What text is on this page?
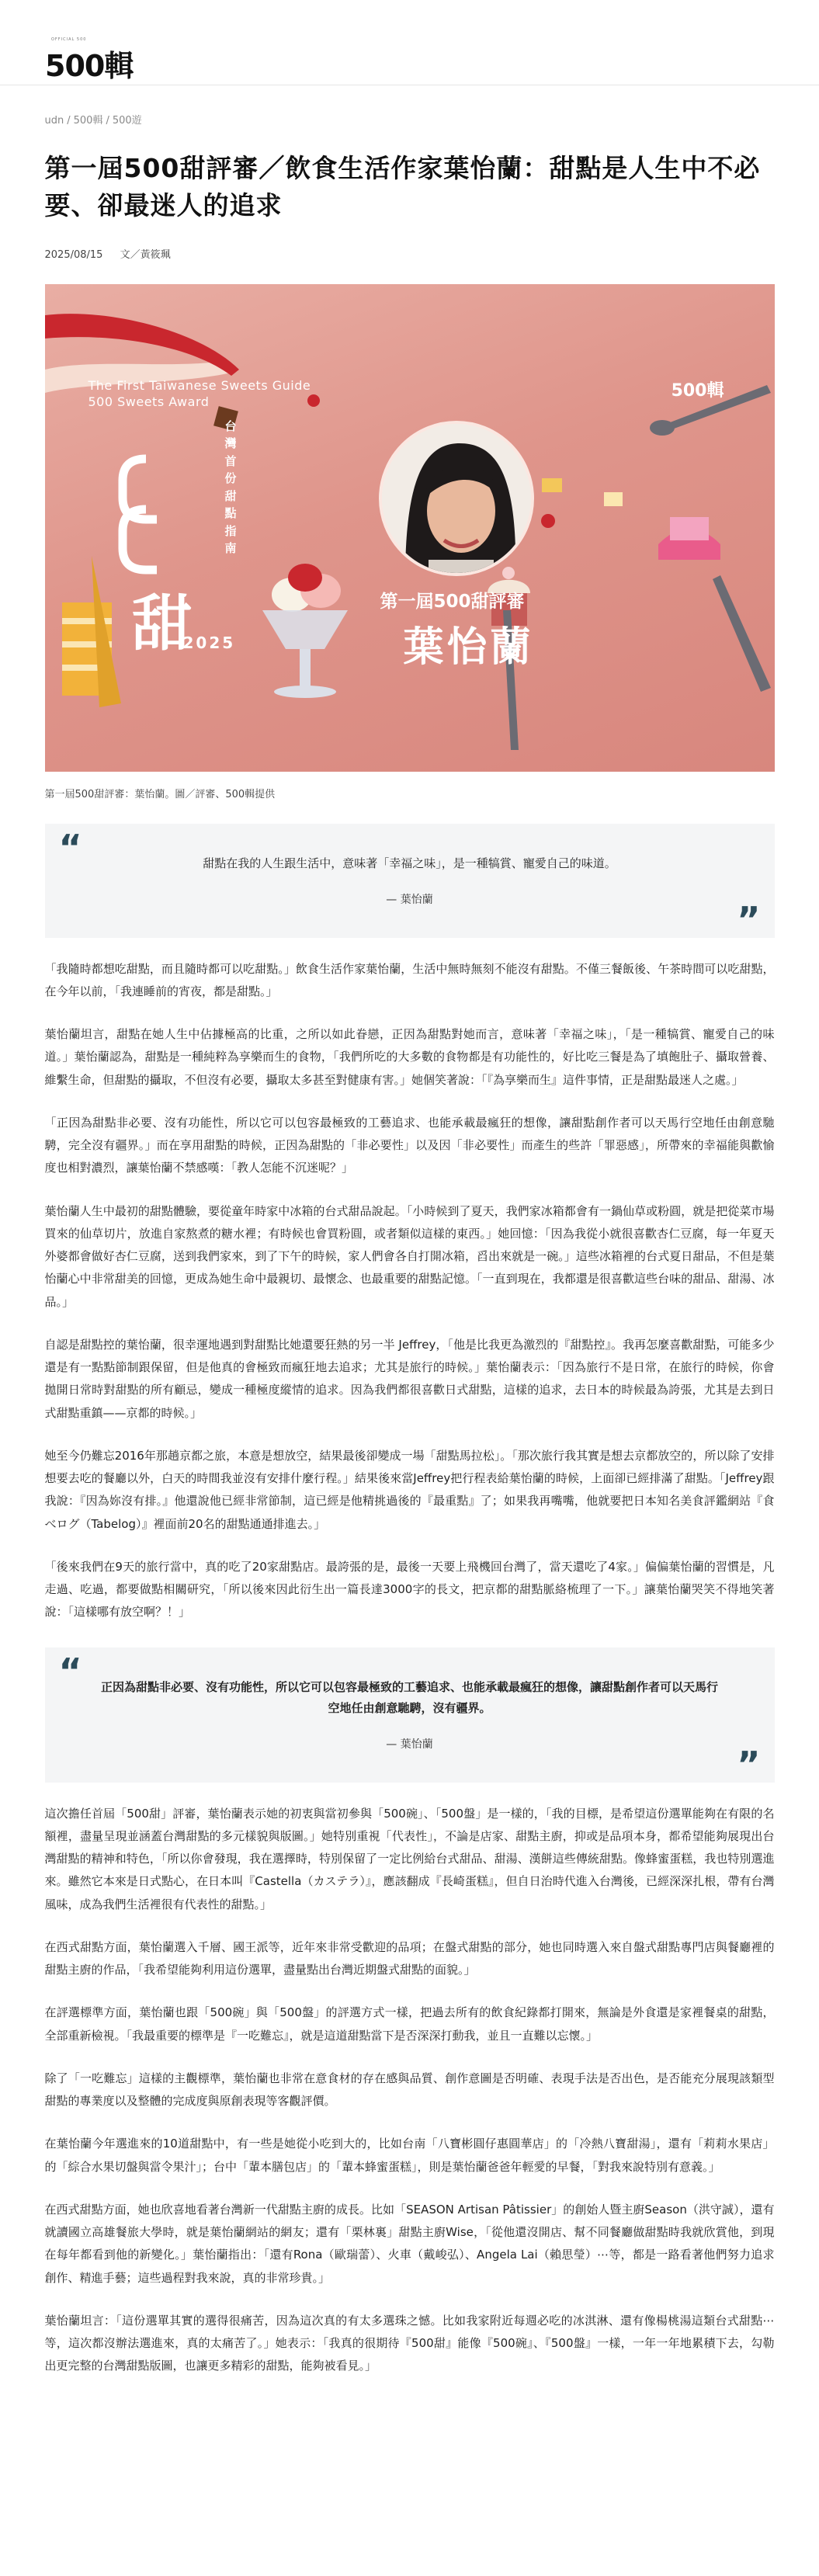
OFFICIAL 500
500輯
udn / 500輯 / 500遊
第一屆500甜評審／飲食生活作家葉怡蘭：甜點是人生中不必要、卻最迷人的追求
2025/08/15 文／黃筱珮
The First Taiwanese Sweets Guide
500 Sweets Award
台灣首份甜點指南
甜
2025
500輯
第一屆500甜評審
葉怡蘭
第一屆500甜評審：葉怡蘭。圖／評審、500輯提供
“	甜點在我的人生跟生活中，意味著「幸福之味」，是一種犒賞、寵愛自己的味道。
— 葉怡蘭	”

「我隨時都想吃甜點，而且隨時都可以吃甜點。」飲食生活作家葉怡蘭，生活中無時無刻不能沒有甜點。不僅三餐飯後、午茶時間可以吃甜點，在今年以前，「我連睡前的宵夜，都是甜點。」

葉怡蘭坦言，甜點在她人生中佔據極高的比重，之所以如此眷戀，正因為甜點對她而言，意味著「幸福之味」，「是一種犒賞、寵愛自己的味道。」葉怡蘭認為，甜點是一種純粹為享樂而生的食物，「我們所吃的大多數的食物都是有功能性的，好比吃三餐是為了填飽肚子、攝取營養、維繫生命，但甜點的攝取，不但沒有必要，攝取太多甚至對健康有害。」她個笑著說：「『為享樂而生』這件事情，正是甜點最迷人之處。」

「正因為甜點非必要、沒有功能性，所以它可以包容最極致的工藝追求、也能承載最瘋狂的想像，讓甜點創作者可以天馬行空地任由創意馳騁，完全沒有疆界。」而在享用甜點的時候，正因為甜點的「非必要性」以及因「非必要性」而產生的些許「罪惡感」，所帶來的幸福能與歡愉度也相對濃烈，讓葉怡蘭不禁感嘆：「教人怎能不沉迷呢？」

葉怡蘭人生中最初的甜點體驗，要從童年時家中冰箱的台式甜品說起。「小時候到了夏天，我們家冰箱都會有一鍋仙草或粉圓，就是把從菜市場買來的仙草切片，放進自家熬煮的糖水裡；有時候也會買粉圓，或者類似這樣的東西。」她回憶：「因為我從小就很喜歡杏仁豆腐，每一年夏天外婆都會做好杏仁豆腐，送到我們家來，到了下午的時候，家人們會各自打開冰箱，舀出來就是一碗。」這些冰箱裡的台式夏日甜品，不但是葉怡蘭心中非常甜美的回憶，更成為她生命中最親切、最懷念、也最重要的甜點記憶。「一直到現在，我都還是很喜歡這些台味的甜品、甜湯、冰品。」

自認是甜點控的葉怡蘭，很幸運地遇到對甜點比她還要狂熱的另一半 Jeffrey，「他是比我更為激烈的『甜點控』。我再怎麼喜歡甜點，可能多少還是有一點點節制跟保留，但是他真的會極致而瘋狂地去追求；尤其是旅行的時候。」葉怡蘭表示：「因為旅行不是日常，在旅行的時候，你會拋開日常時對甜點的所有顧忌，變成一種極度縱情的追求。因為我們都很喜歡日式甜點，這樣的追求，去日本的時候最為誇張，尤其是去到日式甜點重鎮——京都的時候。」

她至今仍難忘2016年那趟京都之旅，本意是想放空，結果最後卻變成一場「甜點馬拉松」。「那次旅行我其實是想去京都放空的，所以除了安排想要去吃的餐廳以外，白天的時間我並沒有安排什麼行程。」結果後來當Jeffrey把行程表給葉怡蘭的時候，上面卻已經排滿了甜點。「Jeffrey跟我說：『因為妳沒有排。』他還說他已經非常節制，這已經是他精挑過後的『最重點』了；如果我再嘴嘴，他就要把日本知名美食評鑑網站『食べログ（Tabelog）』裡面前20名的甜點通通排進去。」

「後來我們在9天的旅行當中，真的吃了20家甜點店。最誇張的是，最後一天要上飛機回台灣了，當天還吃了4家。」偏偏葉怡蘭的習慣是，凡走過、吃過，都要做點相關研究，「所以後來因此衍生出一篇長達3000字的長文，把京都的甜點脈絡梳理了一下。」讓葉怡蘭哭笑不得地笑著說：「這樣哪有放空啊？！」

“	正因為甜點非必要、沒有功能性，所以它可以包容最極致的工藝追求、也能承載最瘋狂的想像，讓甜點創作者可以天馬行空地任由創意馳騁，沒有疆界。
— 葉怡蘭	”

這次擔任首屆「500甜」評審，葉怡蘭表示她的初衷與當初參與「500碗」、「500盤」是一樣的，「我的目標，是希望這份選單能夠在有限的名額裡，盡量呈現並涵蓋台灣甜點的多元樣貌與版圖。」她特別重視「代表性」，不論是店家、甜點主廚，抑或是品項本身，都希望能夠展現出台灣甜點的精神和特色，「所以你會發現，我在選擇時，特別保留了一定比例給台式甜品、甜湯、漢餅這些傳統甜點。像蜂蜜蛋糕，我也特別選進來。雖然它本來是日式點心，在日本叫『Castella（カステラ）』，應該翻成『長崎蛋糕』，但自日治時代進入台灣後，已經深深扎根，帶有台灣風味，成為我們生活裡很有代表性的甜點。」

在西式甜點方面，葉怡蘭選入千層、國王派等，近年來非常受歡迎的品項；在盤式甜點的部分，她也同時選入來自盤式甜點專門店與餐廳裡的甜點主廚的作品，「我希望能夠利用這份選單，盡量點出台灣近期盤式甜點的面貌。」

在評選標準方面，葉怡蘭也跟「500碗」與「500盤」的評選方式一樣，把過去所有的飲食紀錄都打開來，無論是外食還是家裡餐桌的甜點，全部重新檢視。「我最重要的標準是『一吃難忘』，就是這道甜點當下是否深深打動我，並且一直難以忘懷。」

除了「一吃難忘」這樣的主觀標準，葉怡蘭也非常在意食材的存在感與品質、創作意圖是否明確、表現手法是否出色，是否能充分展現該類型甜點的專業度以及整體的完成度與原創表現等客觀評價。

在葉怡蘭今年選進來的10道甜點中，有一些是她從小吃到大的，比如台南「八寶彬圓仔惠圓華店」的「冷熱八寶甜湯」，還有「莉莉水果店」的「綜合水果切盤與當令果汁」；台中「輩本膳包店」的「輩本蜂蜜蛋糕」，則是葉怡蘭爸爸年輕愛的早餐，「對我來說特別有意義。」

在西式甜點方面，她也欣喜地看著台灣新一代甜點主廚的成長。比如「SEASON Artisan Pâtissier」的創始人暨主廚Season（洪守誠），還有就讀國立高雄餐旅大學時，就是葉怡蘭網站的網友；還有「栗林裏」甜點主廚Wise，「從他還沒開店、幫不同餐廳做甜點時我就欣賞他，到現在每年都看到他的新變化。」葉怡蘭指出：「還有Rona（歐瑞蕾）、火車（戴峻弘）、Angela Lai（賴思瑩）⋯等，都是一路看著他們努力追求創作、精進手藝；這些過程對我來說，真的非常珍貴。」

葉怡蘭坦言：「這份選單其實的選得很痛苦，因為這次真的有太多選珠之憾。比如我家附近每週必吃的冰淇淋、還有像楊桃湯這類台式甜點⋯等，這次都沒辦法選進來，真的太痛苦了。」她表示：「我真的很期待『500甜』能像『500碗』、『500盤』一樣，一年一年地累積下去，勾勒出更完整的台灣甜點版圖，也讓更多精彩的甜點，能夠被看見。」
